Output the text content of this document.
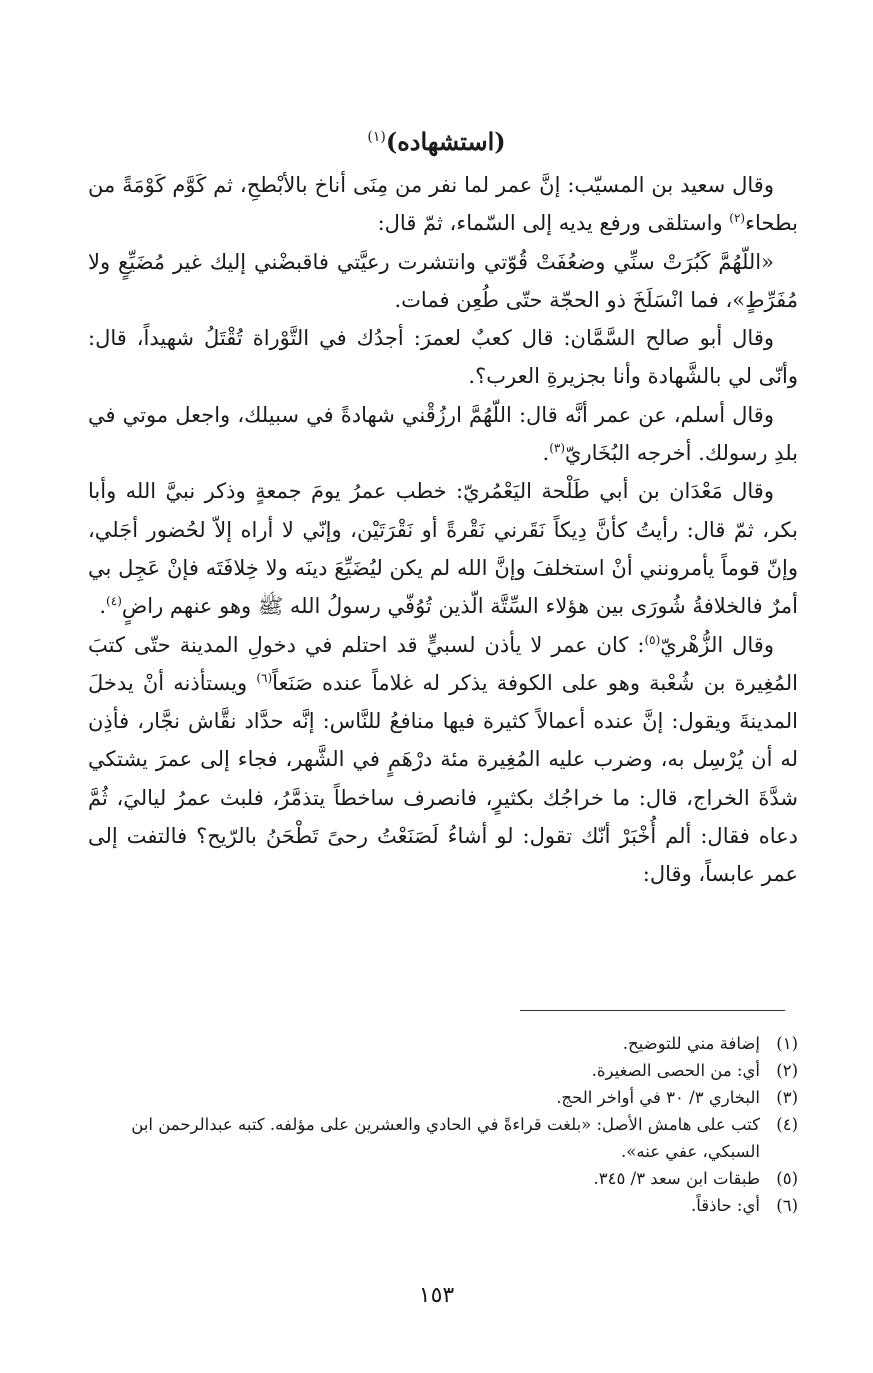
(استشهاده)$^{(١)}$

وقال سعيد بن المسيّب: إنَّ عمر لما نفر من مِنَى أناخ بالأبْطحِ، ثم كَوَّم كَوْمَةً من بطحاء$^{(٢)}$ واستلقى ورفع يديه إلى السّماء، ثمّ قال:

«اللّهُمَّ كَبُرَتْ سنِّي وضعُفَتْ قُوّتي وانتشرت رعيَّتي فاقبضْني إليك غير مُضَيِّعٍ ولا مُفَرِّطٍ»، فما انْسَلَخَ ذو الحجّة حتّى طُعِن فمات.

وقال أبو صالح السَّمَّان: قال كعبٌ لعمرَ: أجدُك في التَّوْراة تُقْتَلُ شهيداً، قال: وأنّى لي بالشَّهادة وأنا بجزيرةِ العرب؟.

وقال أسلم، عن عمر أنَّه قال: اللّهُمَّ ارزُقْني شهادةً في سبيلك، واجعل موتي في بلدِ رسولك. أخرجه البُخَاريّ$^{(٣)}$.

وقال مَعْدَان بن أبي طَلْحة اليَعْمُريّ: خطب عمرُ يومَ جمعةٍ وذكر نبيَّ الله وأبا بكر، ثمّ قال: رأيتُ كأنَّ دِيكاً نَقَرني نَقْرةً أو نَقْرَتَيْن، وإنّي لا أراه إلاّ لحُضور أجَلي، وإنّ قوماً يأمرونني أنْ استخلفَ وإنَّ الله لم يكن ليُضَيِّعَ دينَه ولا خِلافَتَه فإنْ عَجِل بي أمرٌ فالخلافةُ شُورَى بين هؤلاء السِّتَّة الّذين تُوُفّي رسولُ الله ﷺ وهو عنهم راضٍ$^{(٤)}$.

وقال الزُّهْريّ$^{(٥)}$: كان عمر لا يأذن لسبيٍّ قد احتلم في دخولِ المدينة حتّى كتبَ المُغِيرة بن شُعْبة وهو على الكوفة يذكر له غلاماً عنده صَنَعاً$^{(٦)}$ ويستأذنه أنْ يدخلَ المدينةَ ويقول: إنَّ عنده أعمالاً كثيرة فيها منافعُ للنَّاس: إنَّه حدَّاد نقَّاش نجَّار، فأذِن له أن يُرْسِل به، وضرب عليه المُغِيرة مئة درْهَمٍ في الشَّهر، فجاء إلى عمرَ يشتكي شدَّةَ الخراج، قال: ما خراجُك بكثيرٍ، فانصرف ساخطاً يتذمَّرُ، فلبث عمرُ لياليَ، ثُمَّ دعاه فقال: ألم أُخْبَرْ أنّك تقول: لو أشاءُ لَصَنَعْتُ رحىً تَطْحَنُ بالرّيح؟ فالتفت إلى عمر عابساً، وقال:

(١)
إضافة مني للتوضيح.
(٢)
أي: من الحصى الصغيرة.
(٣)
البخاري ٣/ ٣٠ في أواخر الحج.
(٤)
كتب على هامش الأصل: «بلغت قراءةً في الحادي والعشرين على مؤلفه. كتبه عبدالرحمن ابن السبكي، عفي عنه».
(٥)
طبقات ابن سعد ٣/ ٣٤٥.
(٦)
أي: حاذقاً.
١٥٣
